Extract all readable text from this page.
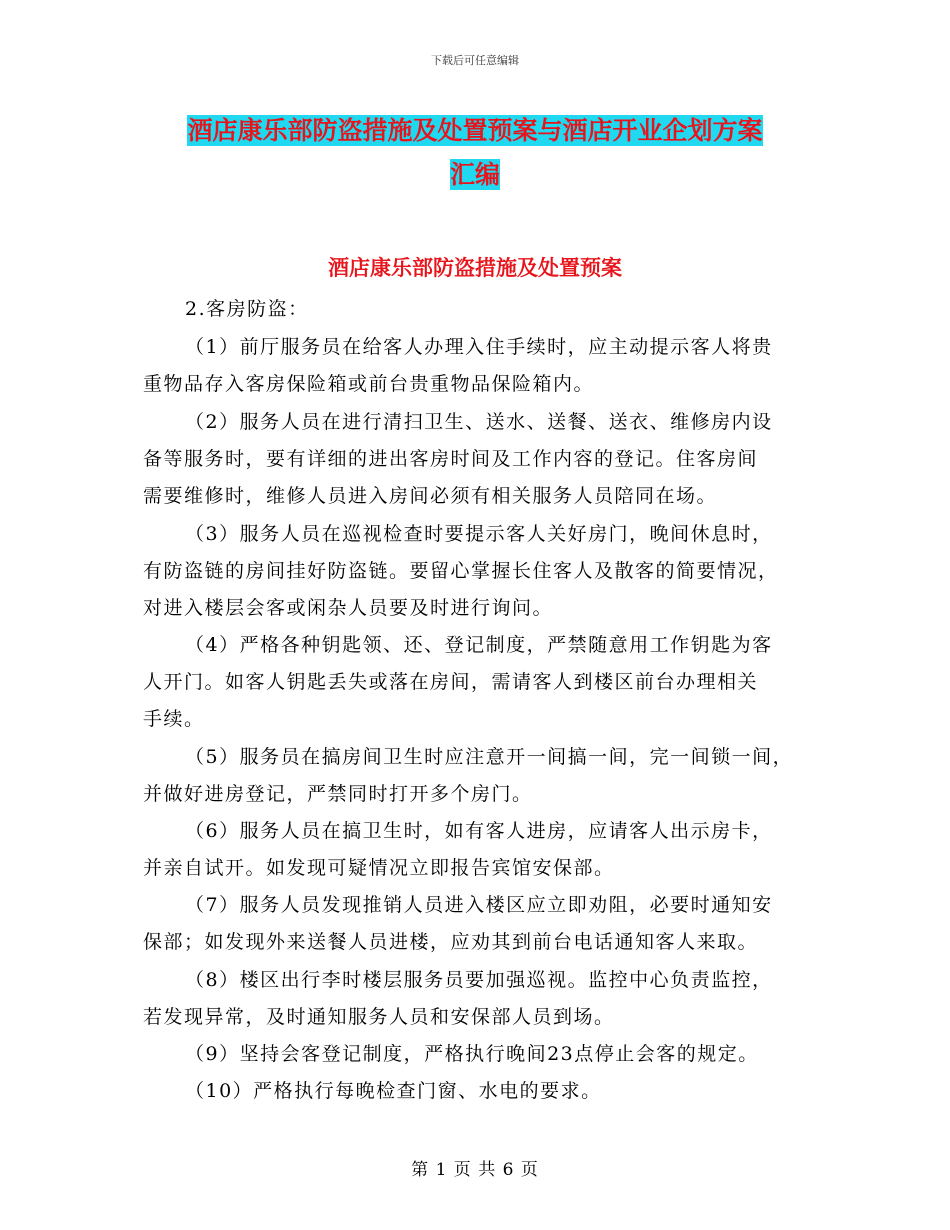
下载后可任意编辑
酒店康乐部防盗措施及处置预案与酒店开业企划方案
汇编
酒店康乐部防盗措施及处置预案
2.客房防盗：
（1）前厅服务员在给客人办理入住手续时，应主动提示客人将贵
重物品存入客房保险箱或前台贵重物品保险箱内。
（2）服务人员在进行清扫卫生、送水、送餐、送衣、维修房内设
备等服务时，要有详细的进出客房时间及工作内容的登记。住客房间
需要维修时，维修人员进入房间必须有相关服务人员陪同在场。
（3）服务人员在巡视检查时要提示客人关好房门，晚间休息时，
有防盗链的房间挂好防盗链。要留心掌握长住客人及散客的简要情况，
对进入楼层会客或闲杂人员要及时进行询问。
（4）严格各种钥匙领、还、登记制度，严禁随意用工作钥匙为客
人开门。如客人钥匙丢失或落在房间，需请客人到楼区前台办理相关
手续。
（5）服务员在搞房间卫生时应注意开一间搞一间，完一间锁一间，
并做好进房登记，严禁同时打开多个房门。
（6）服务人员在搞卫生时，如有客人进房，应请客人出示房卡，
并亲自试开。如发现可疑情况立即报告宾馆安保部。
（7）服务人员发现推销人员进入楼区应立即劝阻，必要时通知安
保部；如发现外来送餐人员进楼，应劝其到前台电话通知客人来取。
（8）楼区出行李时楼层服务员要加强巡视。监控中心负责监控，
若发现异常，及时通知服务人员和安保部人员到场。
（9）坚持会客登记制度，严格执行晚间23点停止会客的规定。
（10）严格执行每晚检查门窗、水电的要求。
第 1 页 共 6 页
